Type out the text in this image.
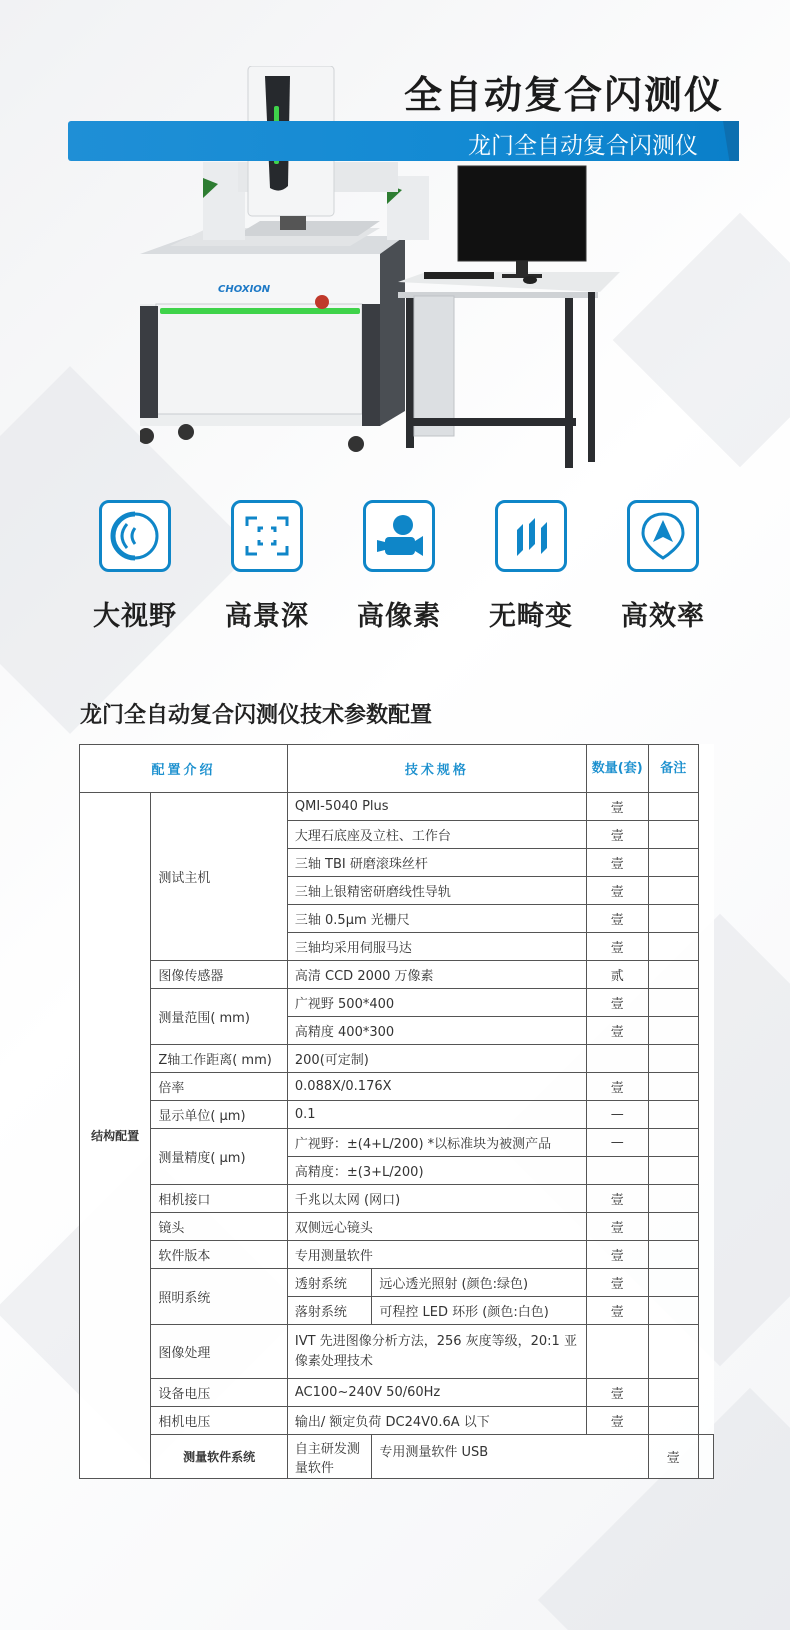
CHOXION
全自动复合闪测仪
龙门全自动复合闪测仪
大视野	高景深	高像素	无畸变	高效率
龙门全自动复合闪测仪技术参数配置
配置介绍		技术规格		数量(套)	备注	
结构配置	测试主机	QMI-5040 Plus		壹		
		大理石底座及立柱、工作台		壹		
		三轴 TBI 研磨滚珠丝杆		壹		
		三轴上银精密研磨线性导轨		壹		
		三轴 0.5μm 光栅尺		壹		
		三轴均采用伺服马达		壹		
	图像传感器	高清 CCD 2000 万像素		贰		
	测量范围( mm)	广视野 500*400		壹		
		高精度 400*300		壹		
	Z轴工作距离( mm)	200(可定制)				
	倍率	0.088X/0.176X		壹		
	显示单位( μm)	0.1		—		
	测量精度( μm)	广视野：±(4+L/200) *以标准块为被测产品		—		
		高精度：±(3+L/200)				
	相机接口	千兆以太网 (网口)		壹		
	镜头	双侧远心镜头		壹		
	软件版本	专用测量软件		壹		
	照明系统	透射系统	远心透光照射 (颜色:绿色)	壹		
		落射系统	可程控 LED 环形 (颜色:白色)	壹		
	图像处理	IVT 先进图像分析方法，256 灰度等级，20:1 亚像素处理技术				
	设备电压	AC100~240V 50/60Hz		壹		
	相机电压	输出/ 额定负荷 DC24V0.6A 以下		壹		
	测量软件系统	自主研发测量软件	专用测量软件 USB		壹	
